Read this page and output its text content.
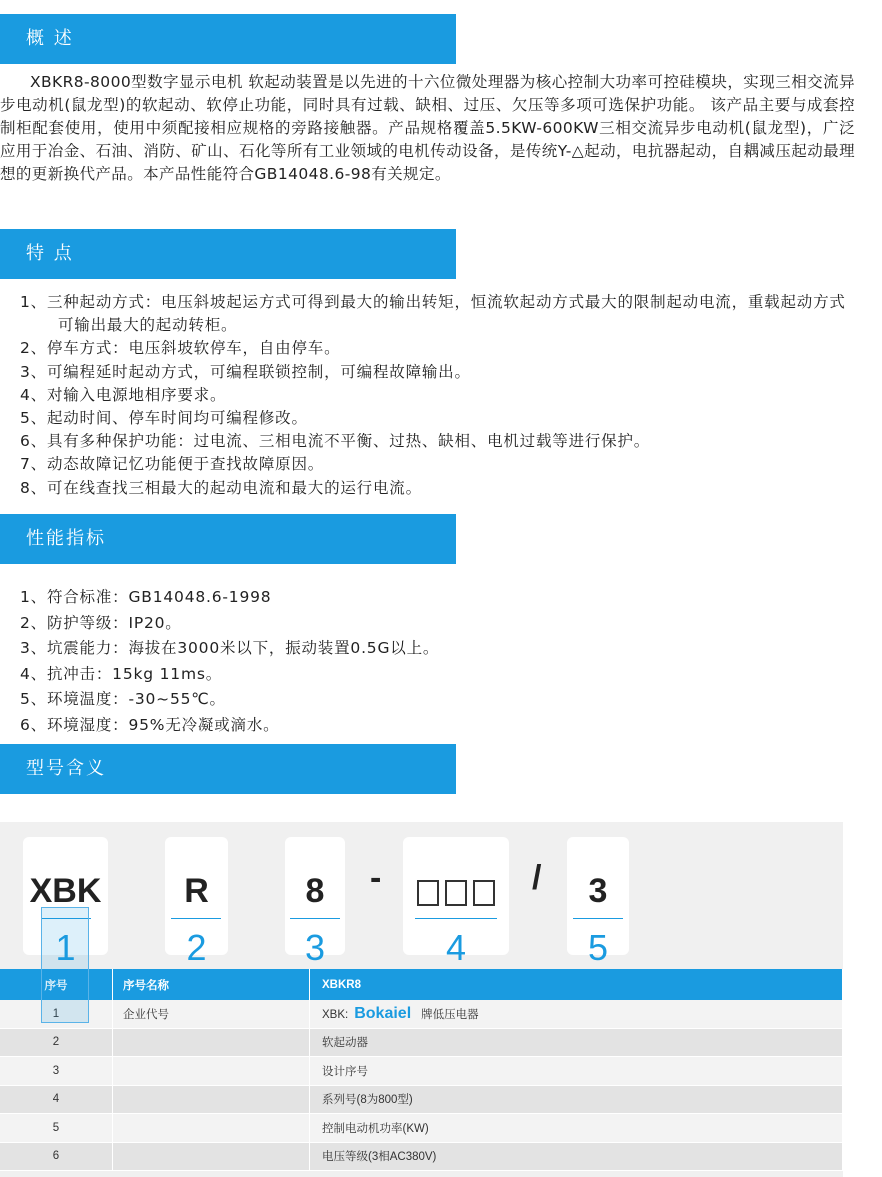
概 述

XBKR8-8000型数字显示电机 软起动装置是以先进的十六位微处理器为核心控制大功率可控硅模块，实现三相交流异步电动机(鼠龙型)的软起动、软停止功能，同时具有过载、缺相、过压、欠压等多项可选保护功能。 该产品主要与成套控制柜配套使用，使用中须配接相应规格的旁路接触器。产品规格覆盖5.5KW-600KW三相交流异步电动机(鼠龙型)，广泛应用于冶金、石油、消防、矿山、石化等所有工业领域的电机传动设备，是传统Y-△起动，电抗器起动，自耦减压起动最理想的更新换代产品。本产品性能符合GB14048.6-98有关规定。

特 点
1、三种起动方式：电压斜坡起运方式可得到最大的输出转矩，恒流软起动方式最大的限制起动电流，重载起动方式可输出最大的起动转柜。
2、停车方式：电压斜坡软停车，自由停车。
3、可编程延时起动方式，可编程联锁控制，可编程故障输出。
4、对输入电源地相序要求。
5、起动时间、停车时间均可编程修改。
6、具有多种保护功能：过电流、三相电流不平衡、过热、缺相、电机过载等进行保护。
7、动态故障记忆功能便于查找故障原因。
8、可在线查找三相最大的起动电流和最大的运行电流。
性能指标
1、符合标准：GB14048.6-1998
2、防护等级：IP20。
3、坑震能力：海拔在3000米以下，振动装置0.5G以上。
4、抗冲击：15kg 11ms。
5、环境温度：-30~55℃。
6、环境湿度：95%无冷凝或滴水。
型号含义
XBK
1
R
2
8
3
-
4
/	3
5
序号	序号名称	XBKR8
1	企业代号	XBK: Bokaiel 牌低压电器
2		软起动器
3		设计序号
4		系列号(8为800型)
5		控制电动机功率(KW)
6		电压等级(3相AC380V)
